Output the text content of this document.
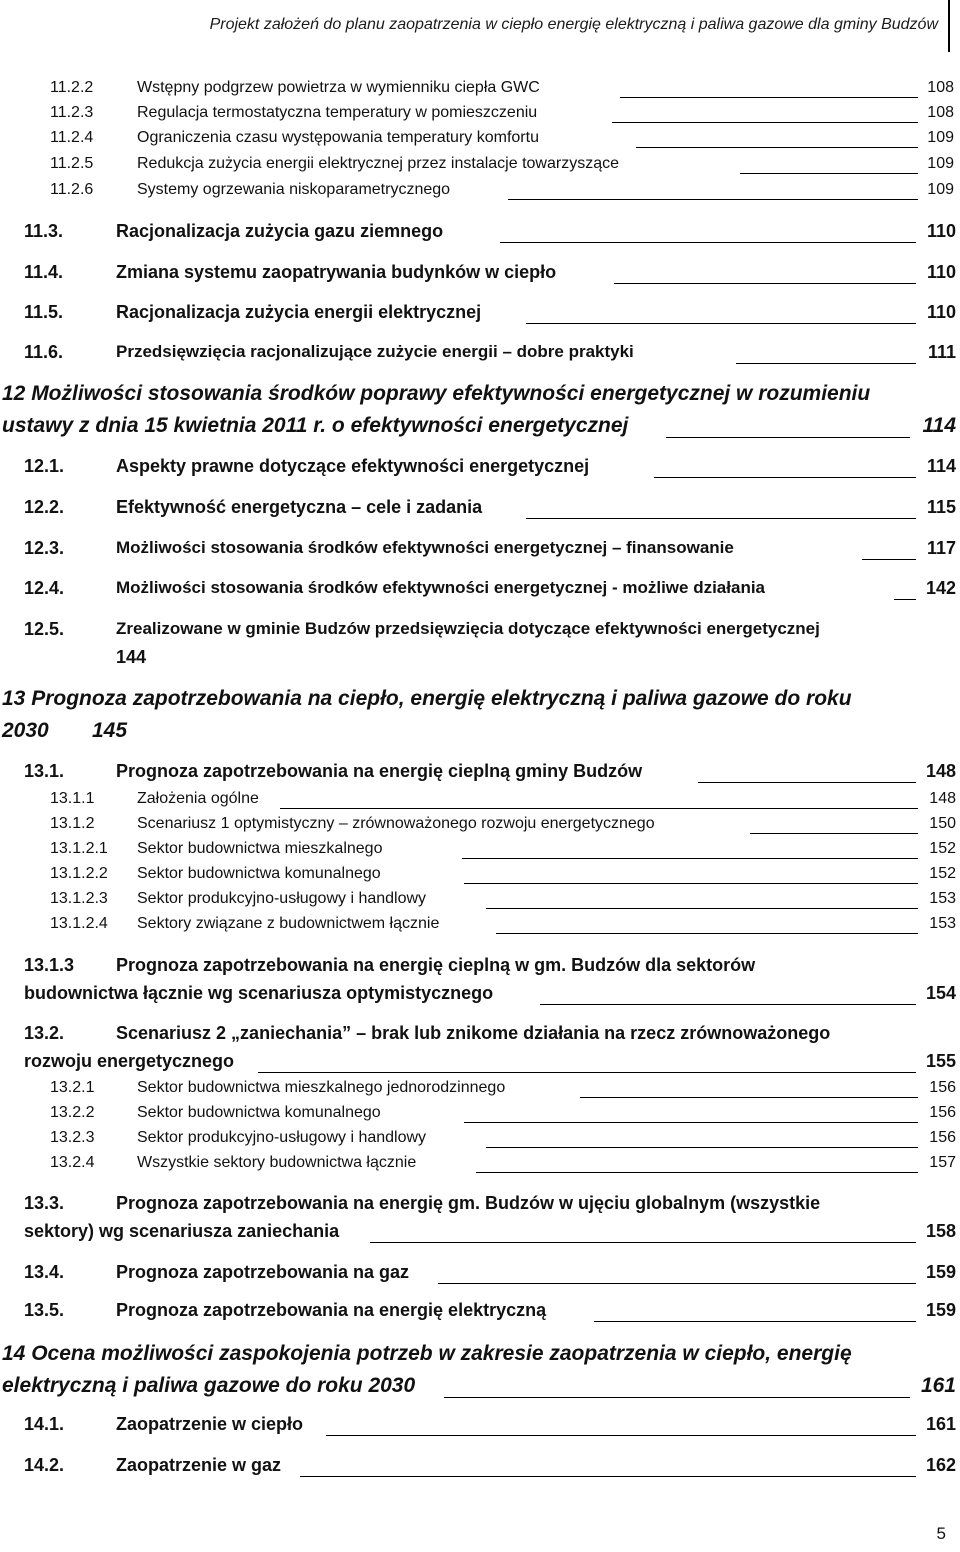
Projekt założeń do planu zaopatrzenia w ciepło energię elektryczną i paliwa gazowe dla gminy Budzów
11.2.2	Wstępny podgrzew powietrza w wymienniku ciepła GWC	108
11.2.3	Regulacja termostatyczna temperatury w pomieszczeniu	108
11.2.4	Ograniczenia czasu występowania temperatury komfortu	109
11.2.5	Redukcja zużycia energii elektrycznej przez instalacje towarzyszące	109
11.2.6	Systemy ogrzewania niskoparametrycznego	109
11.3.	Racjonalizacja zużycia gazu ziemnego	110
11.4.	Zmiana systemu zaopatrywania budynków w ciepło	110
11.5.	Racjonalizacja zużycia energii elektrycznej	110
11.6.	Przedsięwzięcia racjonalizujące zużycie energii – dobre praktyki	111
12 Możliwości stosowania środków poprawy efektywności energetycznej w rozumieniu
ustawy z dnia 15 kwietnia 2011 r. o efektywności energetycznej	114
12.1.	Aspekty prawne dotyczące efektywności energetycznej	114
12.2.	Efektywność energetyczna – cele i zadania	115
12.3.	Możliwości stosowania środków efektywności energetycznej – finansowanie	117
12.4.	Możliwości stosowania środków efektywności energetycznej - możliwe działania	142
12.5.	Zrealizowane w gminie Budzów przedsięwzięcia dotyczące efektywności energetycznej
144
13 Prognoza zapotrzebowania na ciepło, energię elektryczną i paliwa gazowe do roku
2030 145
13.1.	Prognoza zapotrzebowania na energię cieplną gminy Budzów	148
13.1.1	Założenia ogólne	148
13.1.2	Scenariusz 1 optymistyczny – zrównoważonego rozwoju energetycznego	150
13.1.2.1 Sektor budownictwa mieszkalnego	152
13.1.2.2 Sektor budownictwa komunalnego	152
13.1.2.3 Sektor produkcyjno-usługowy i handlowy	153
13.1.2.4 Sektory związane z budownictwem łącznie	153
13.1.3 Prognoza zapotrzebowania na energię cieplną w gm. Budzów dla sektorów
budownictwa łącznie wg scenariusza optymistycznego	154
13.2.	Scenariusz 2 „zaniechania” – brak lub znikome działania na rzecz zrównoważonego
rozwoju energetycznego	155
13.2.1	Sektor budownictwa mieszkalnego jednorodzinnego	156
13.2.2	Sektor budownictwa komunalnego	156
13.2.3	Sektor produkcyjno-usługowy i handlowy	156
13.2.4	Wszystkie sektory budownictwa łącznie	157
13.3.	Prognoza zapotrzebowania na energię gm. Budzów w ujęciu globalnym (wszystkie
sektory) wg scenariusza zaniechania	158
13.4.	Prognoza zapotrzebowania na gaz	159
13.5.	Prognoza zapotrzebowania na energię elektryczną	159
14 Ocena możliwości zaspokojenia potrzeb w zakresie zaopatrzenia w ciepło, energię
elektryczną i paliwa gazowe do roku 2030	161
14.1.	Zaopatrzenie w ciepło	161
14.2.	Zaopatrzenie w gaz	162
5
